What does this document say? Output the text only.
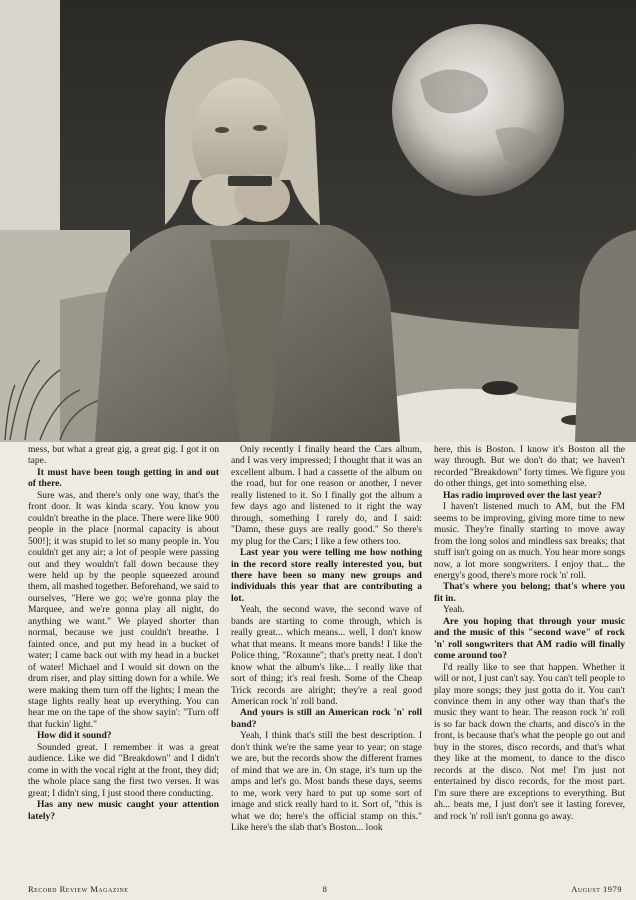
mess, but what a great gig, a great gig. I got it on tape.

It must have been tough getting in and out of there.

Sure was, and there's only one way, that's the front door. It was kinda scary. You know you couldn't breathe in the place. There were like 900 people in the place [normal capacity is about 500!]; it was stupid to let so many people in. You couldn't get any air; a lot of people were passing out and they wouldn't fall down because they were held up by the people squeezed around them, all mashed together. Beforehand, we said to ourselves, "Here we go; we're gonna play the Marquee, and we're gonna play all night, do anything we want." We played shorter than normal, because we just couldn't breathe. I fainted once, and put my head in a bucket of water; I came back out with my head in a bucket of water! Michael and I would sit down on the drum riser, and play sitting down for a while. We were making them turn off the lights; I mean the stage lights really heat up everything. You can hear me on the tape of the show sayin': "Turn off that fuckin' light."

How did it sound?

Sounded great. I remember it was a great audience. Like we did "Breakdown" and I didn't come in with the vocal right at the front, they did; the whole place sang the first two verses. It was great; I didn't sing, I just stood there conducting.

Has any new music caught your attention lately?

Only recently I finally heard the Cars album, and I was very impressed; I thought that it was an excellent album. I had a cassette of the album on the road, but for one reason or another, I never really listened to it. So I finally got the album a few days ago and listened to it right the way through, something I rarely do, and I said: "Damn, these guys are really good." So there's my plug for the Cars; I like a few others too.

Last year you were telling me how nothing in the record store really interested you, but there have been so many new groups and individuals this year that are contributing a lot.

Yeah, the second wave, the second wave of bands are starting to come through, which is really great... which means... well, I don't know what that means. It means more bands! I like the Police thing, "Roxanne"; that's pretty neat. I don't know what the album's like... I really like that sort of thing; it's real fresh. Some of the Cheap Trick records are alright; they're a real good American rock 'n' roll band.

And yours is still an American rock 'n' roll band?

Yeah, I think that's still the best description. I don't think we're the same year to year; on stage we are, but the records show the different frames of mind that we are in. On stage, it's turn up the amps and let's go. Most bands these days, seems to me, work very hard to put up some sort of image and stick really hard to it. Sort of, "this is what we do; here's the official stamp on this." Like here's the slab that's Boston... look

here, this is Boston. I know it's Boston all the way through. But we don't do that; we haven't recorded "Breakdown" forty times. We figure you do other things, get into something else.

Has radio improved over the last year?

I haven't listened much to AM, but the FM seems to be improving, giving more time to new music. They're finally starting to move away from the long solos and mindless sax breaks; that stuff isn't going on as much. You hear more songs now, a lot more songwriters. I enjoy that... the energy's good, there's more rock 'n' roll.

That's where you belong; that's where you fit in.

Yeah.

Are you hoping that through your music and the music of this "second wave" of rock 'n' roll songwriters that AM radio will finally come around too?

I'd really like to see that happen. Whether it will or not, I just can't say. You can't tell people to play more songs; they just gotta do it. You can't convince them in any other way than that's the music they want to hear. The reason rock 'n' roll is so far back down the charts, and disco's in the front, is because that's what the people go out and buy in the stores, disco records, and that's what they like at the moment, to dance to the disco records at the disco. Not me! I'm just not entertained by disco records, for the most part. I'm sure there are exceptions to everything. But ah... beats me, I just don't see it lasting forever, and rock 'n' roll isn't gonna go away.

Record Review Magazine	8	August 1979
